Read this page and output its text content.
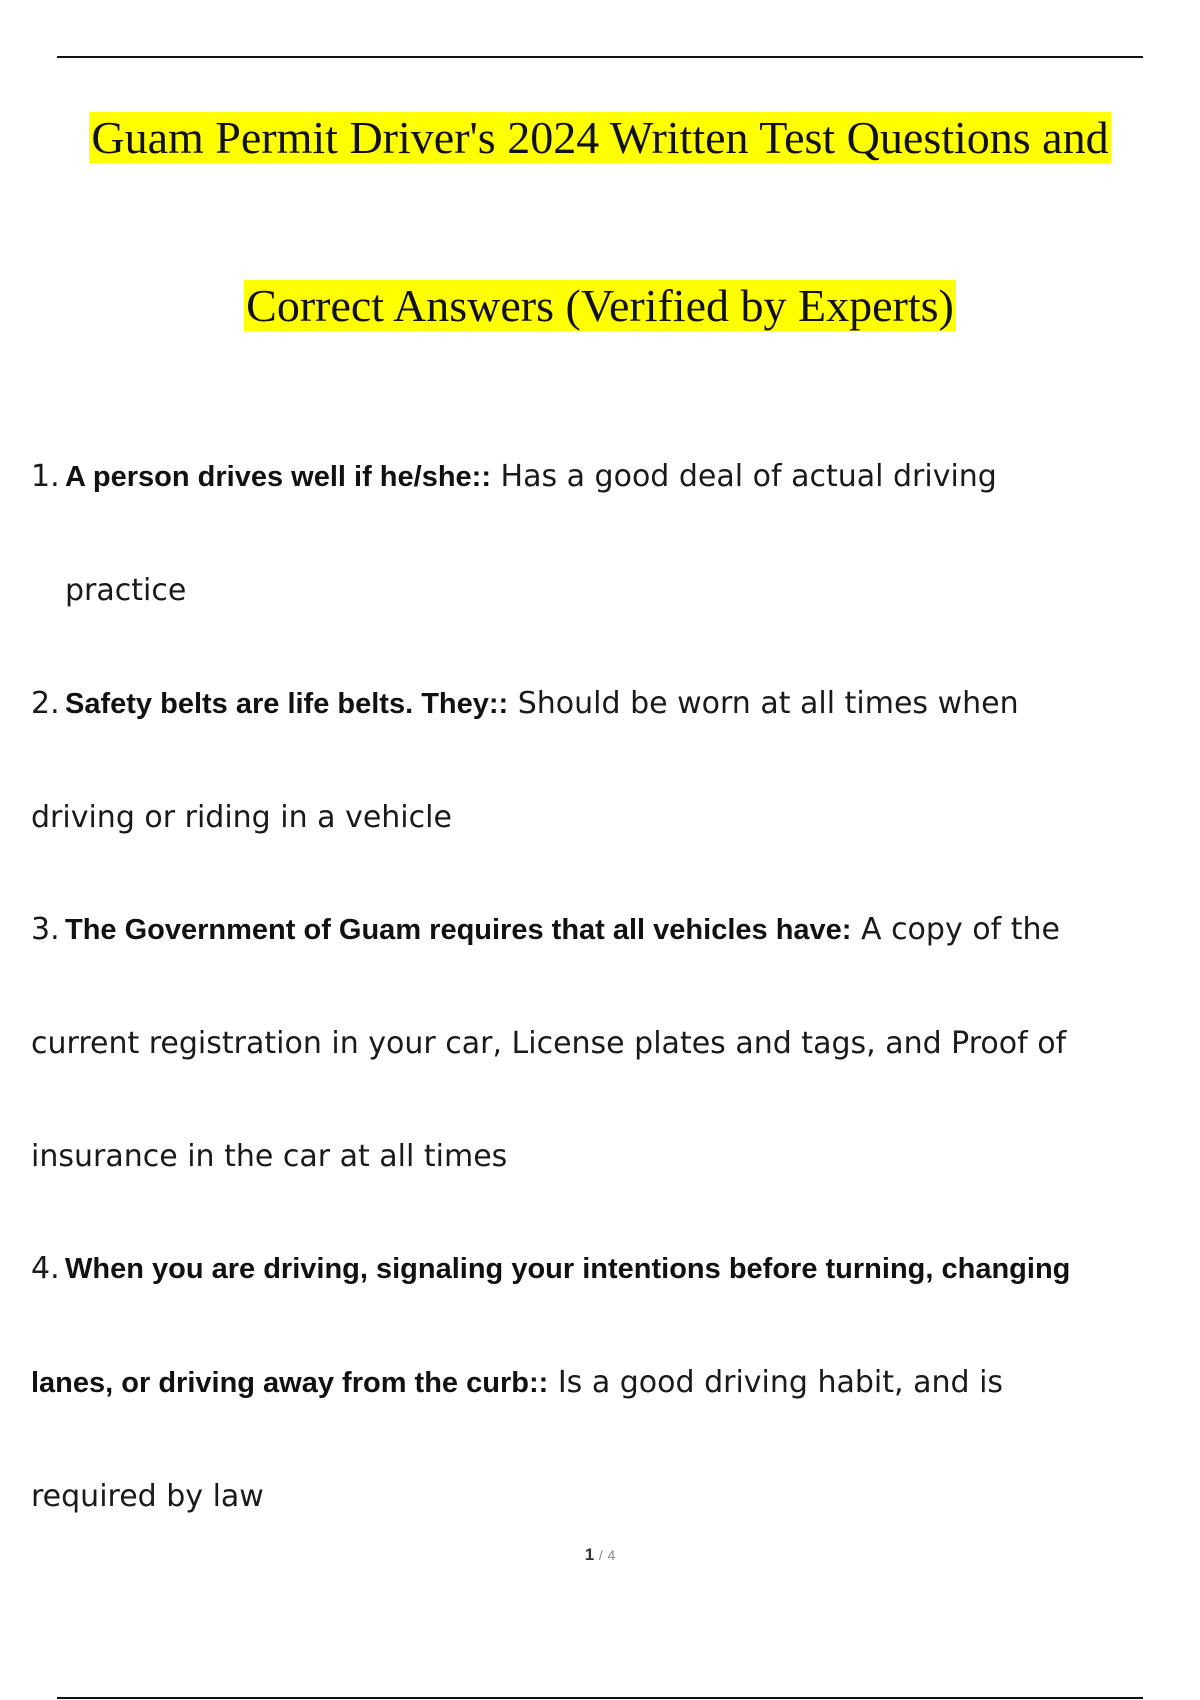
Guam Permit Driver's 2024 Written Test Questions and
Correct Answers (Verified by Experts)
1. A person drives well if he/she:: Has a good deal of actual driving
practice
2. Safety belts are life belts. They:: Should be worn at all times when
driving or riding in a vehicle
3. The Government of Guam requires that all vehicles have: A copy of the
current registration in your car, License plates and tags, and Proof of
insurance in the car at all times
4. When you are driving, signaling your intentions before turning, changing
lanes, or driving away from the curb:: Is a good driving habit, and is
required by law
1 / 4
